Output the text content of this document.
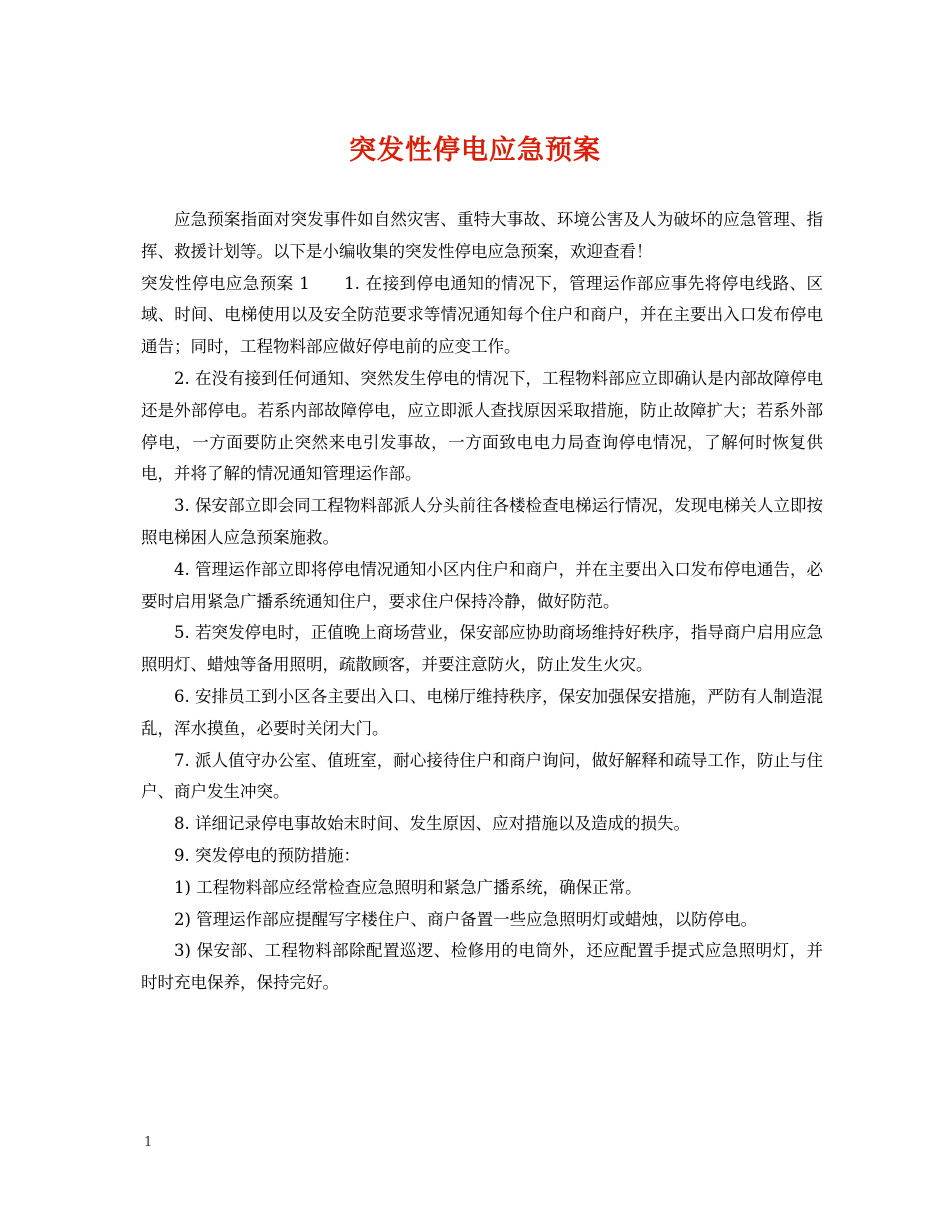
突发性停电应急预案

应急预案指面对突发事件如自然灾害、重特大事故、环境公害及人为破坏的应急管理、指挥、救援计划等。以下是小编收集的突发性停电应急预案，欢迎查看！

突发性停电应急预案 1　　1. 在接到停电通知的情况下，管理运作部应事先将停电线路、区域、时间、电梯使用以及安全防范要求等情况通知每个住户和商户，并在主要出入口发布停电通告；同时，工程物料部应做好停电前的应变工作。

2. 在没有接到任何通知、突然发生停电的情况下，工程物料部应立即确认是内部故障停电还是外部停电。若系内部故障停电，应立即派人查找原因采取措施，防止故障扩大；若系外部停电，一方面要防止突然来电引发事故，一方面致电电力局查询停电情况，了解何时恢复供电，并将了解的情况通知管理运作部。

3. 保安部立即会同工程物料部派人分头前往各楼检查电梯运行情况，发现电梯关人立即按照电梯困人应急预案施救。

4. 管理运作部立即将停电情况通知小区内住户和商户，并在主要出入口发布停电通告，必要时启用紧急广播系统通知住户，要求住户保持冷静，做好防范。

5. 若突发停电时，正值晚上商场营业，保安部应协助商场维持好秩序，指导商户启用应急照明灯、蜡烛等备用照明，疏散顾客，并要注意防火，防止发生火灾。

6. 安排员工到小区各主要出入口、电梯厅维持秩序，保安加强保安措施，严防有人制造混乱，浑水摸鱼，必要时关闭大门。

7. 派人值守办公室、值班室，耐心接待住户和商户询问，做好解释和疏导工作，防止与住户、商户发生冲突。

8. 详细记录停电事故始末时间、发生原因、应对措施以及造成的损失。

9. 突发停电的预防措施：

1) 工程物料部应经常检查应急照明和紧急广播系统，确保正常。

2) 管理运作部应提醒写字楼住户、商户备置一些应急照明灯或蜡烛，以防停电。

3) 保安部、工程物料部除配置巡逻、检修用的电筒外，还应配置手提式应急照明灯，并时时充电保养，保持完好。

1
